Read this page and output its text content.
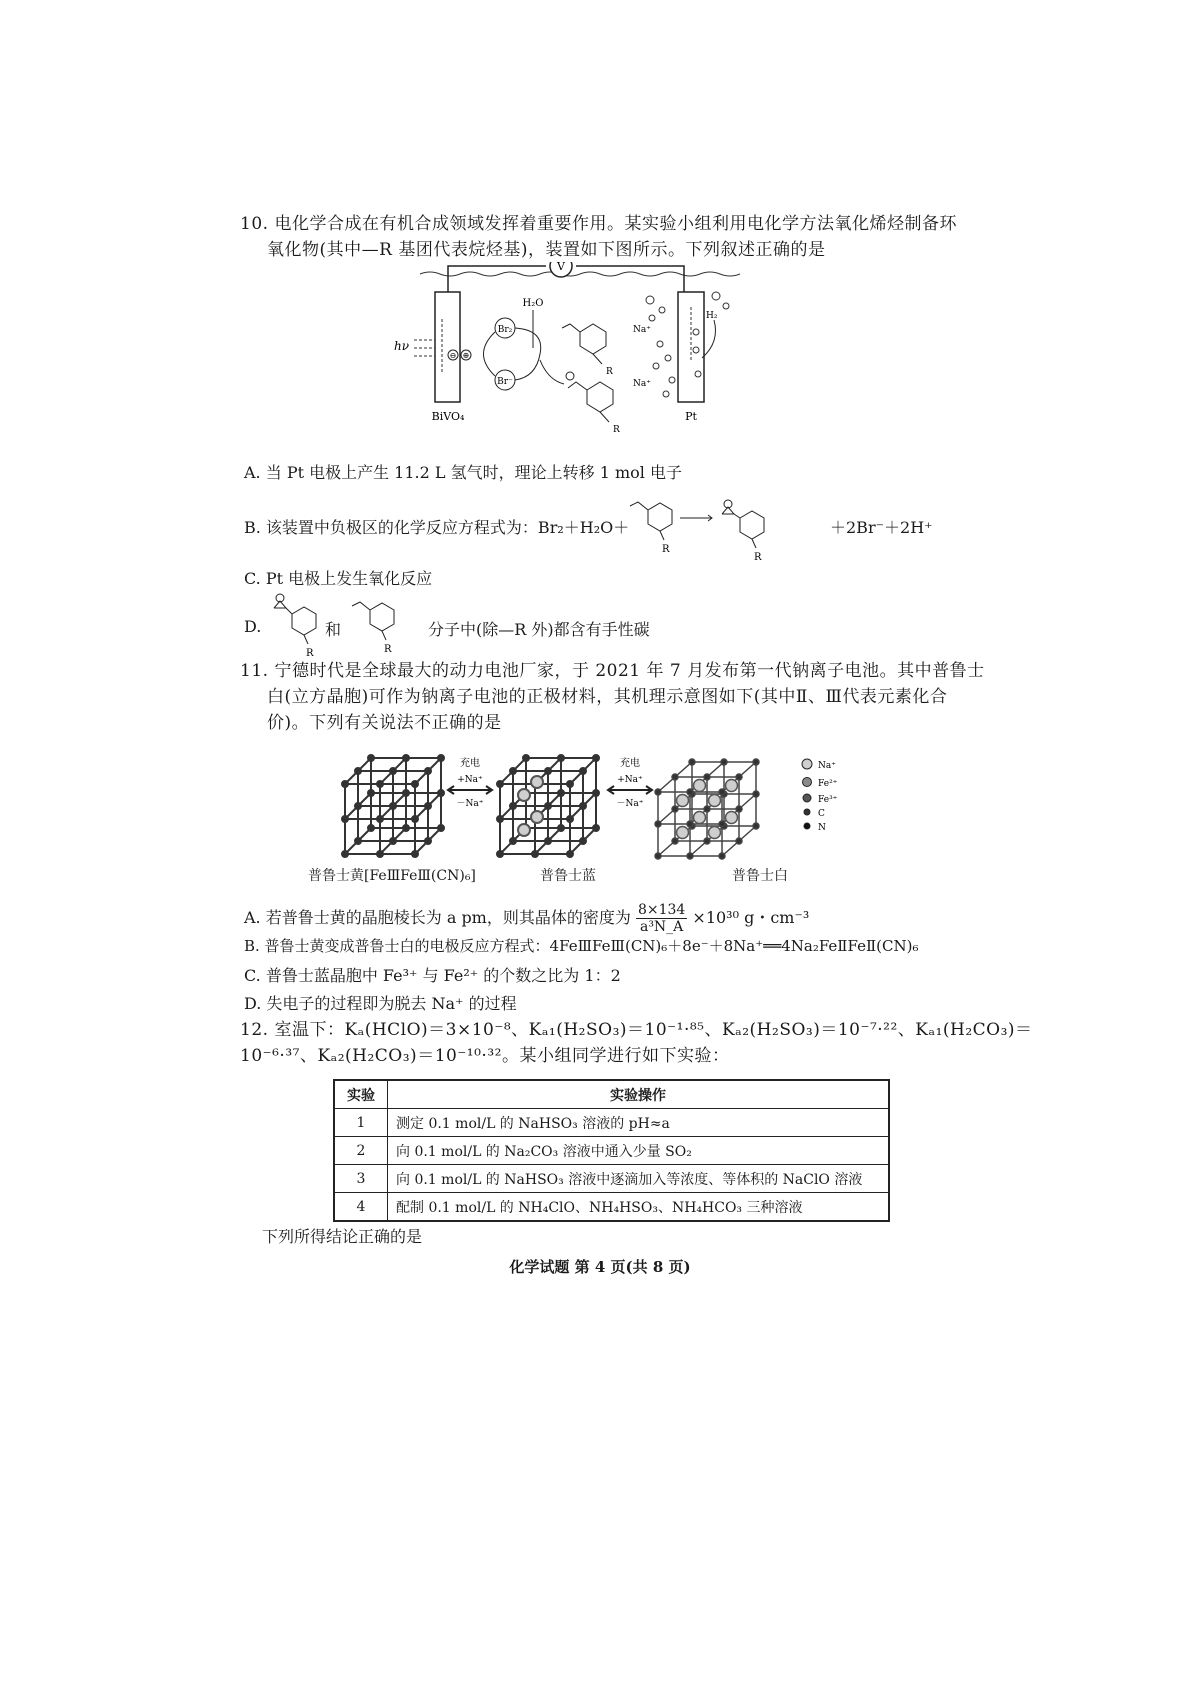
10. 电化学合成在有机合成领域发挥着重要作用。某实验小组利用电化学方法氧化烯烃制备环
氧化物(其中—R 基团代表烷烃基)，装置如下图所示。下列叙述正确的是
V
BiVO₄
hν
⊖ ⊕
Br₂
Br⁻
H₂O
R
R
Pt
Na⁺
Na⁺
H₂
A. 当 Pt 电极上产生 11.2 L 氢气时，理论上转移 1 mol 电子
B. 该装置中负极区的化学反应方程式为：Br₂＋H₂O＋
R
R
＋2Br⁻＋2H⁺
C. Pt 电极上发生氧化反应
D.
R
和
R
分子中(除—R 外)都含有手性碳
11. 宁德时代是全球最大的动力电池厂家，于 2021 年 7 月发布第一代钠离子电池。其中普鲁士
白(立方晶胞)可作为钠离子电池的正极材料，其机理示意图如下(其中Ⅱ、Ⅲ代表元素化合
价)。下列有关说法不正确的是
充电
+Na⁺
－Na⁺
充电
+Na⁺
－Na⁺
Na⁺
Fe²⁺
Fe³⁺
C
N
普鲁士黄[FeⅢFeⅢ(CN)₆]	普鲁士蓝	普鲁士白
A. 若普鲁士黄的晶胞棱长为 a pm，则其晶体的密度为 $\frac{8\times 134}{\text{a³N\_A}} \times 10^{30}$ g・cm⁻³
B. 普鲁士黄变成普鲁士白的电极反应方程式：4FeⅢFeⅢ(CN)₆＋8e⁻＋8Na⁺══4Na₂FeⅡFeⅡ(CN)₆
C. 普鲁士蓝晶胞中 Fe³⁺ 与 Fe²⁺ 的个数之比为 1：2
D. 失电子的过程即为脱去 Na⁺ 的过程
12. 室温下：Kₐ(HClO)＝3×10⁻⁸、Kₐ₁(H₂SO₃)＝10⁻¹·⁸⁵、Kₐ₂(H₂SO₃)＝10⁻⁷·²²、Kₐ₁(H₂CO₃)＝
10⁻⁶·³⁷、Kₐ₂(H₂CO₃)＝10⁻¹⁰·³²。某小组同学进行如下实验：
实验	实验操作
1	测定 0.1 mol/L 的 NaHSO₃ 溶液的 pH≈a
2	向 0.1 mol/L 的 Na₂CO₃ 溶液中通入少量 SO₂
3	向 0.1 mol/L 的 NaHSO₃ 溶液中逐滴加入等浓度、等体积的 NaClO 溶液
4	配制 0.1 mol/L 的 NH₄ClO、NH₄HSO₃、NH₄HCO₃ 三种溶液
下列所得结论正确的是
化学试题 第 4 页(共 8 页)
